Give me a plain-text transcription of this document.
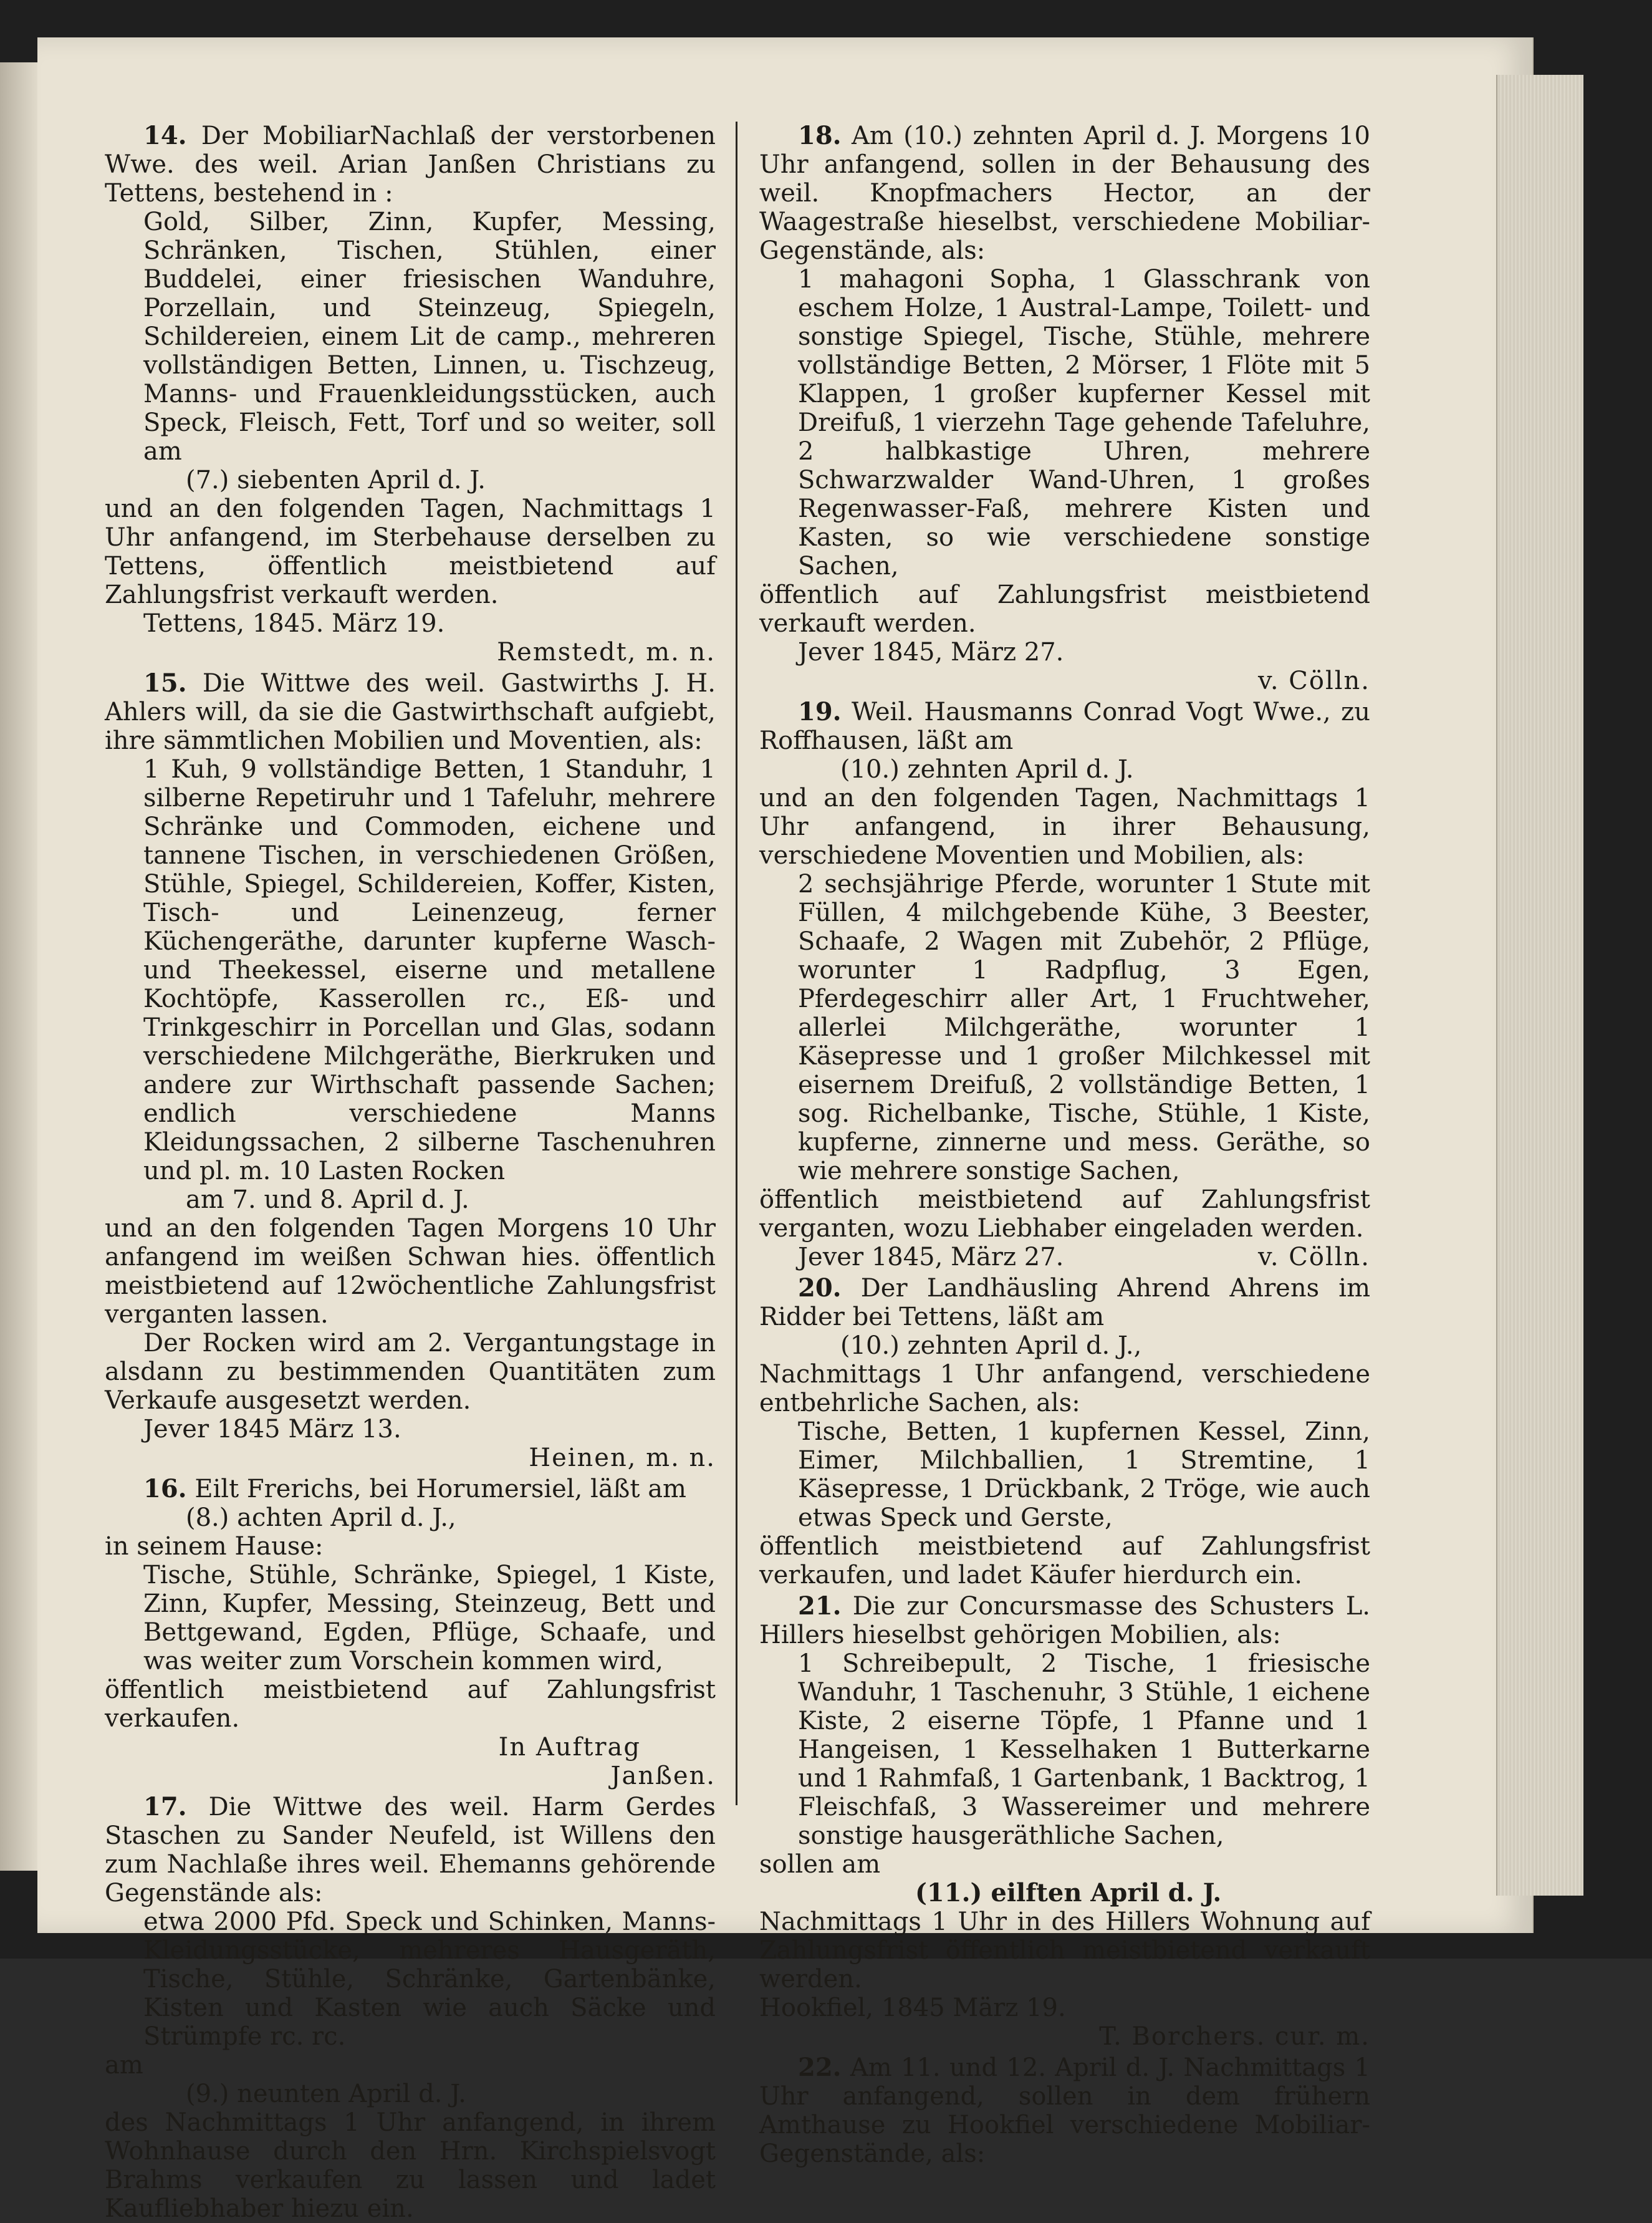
14. Der MobiliarNachlaß der verstorbenen Wwe. des weil. Arian Janßen Christians zu Tettens, bestehend in :

Gold, Silber, Zinn, Kupfer, Messing, Schränken, Tischen, Stühlen, einer Buddelei, einer friesischen Wanduhre, Porzellain, und Steinzeug, Spiegeln, Schildereien, einem Lit de camp., mehreren vollständigen Betten, Linnen, u. Tischzeug, Manns- und Frauenkleidungsstücken, auch Speck, Fleisch, Fett, Torf und so weiter, soll am

(7.) siebenten April d. J.

und an den folgenden Tagen, Nachmittags 1 Uhr anfangend, im Sterbehause derselben zu Tettens, öffentlich meistbietend auf Zahlungsfrist verkauft werden.

Tettens, 1845. März 19.

Remstedt, m. n.

15. Die Wittwe des weil. Gastwirths J. H. Ahlers will, da sie die Gastwirthschaft aufgiebt, ihre sämmtlichen Mobilien und Moventien, als:

1 Kuh, 9 vollständige Betten, 1 Standuhr, 1 silberne Repetiruhr und 1 Tafeluhr, mehrere Schränke und Commoden, eichene und tannene Tischen, in verschiedenen Größen, Stühle, Spiegel, Schildereien, Koffer, Kisten, Tisch- und Leinenzeug, ferner Küchengeräthe, darunter kupferne Wasch- und Theekessel, eiserne und metallene Kochtöpfe, Kasserollen rc., Eß- und Trinkgeschirr in Porcellan und Glas, sodann verschiedene Milchgeräthe, Bierkruken und andere zur Wirthschaft passende Sachen; endlich verschiedene Manns Kleidungssachen, 2 silberne Taschenuhren und pl. m. 10 Lasten Rocken

am 7. und 8. April d. J.

und an den folgenden Tagen Morgens 10 Uhr anfangend im weißen Schwan hies. öffentlich meistbietend auf 12wöchentliche Zahlungsfrist verganten lassen.

Der Rocken wird am 2. Vergantungstage in alsdann zu bestimmenden Quantitäten zum Verkaufe ausgesetzt werden.

Jever 1845 März 13.

Heinen, m. n.

16. Eilt Frerichs, bei Horumersiel, läßt am

(8.) achten April d. J.,

in seinem Hause:

Tische, Stühle, Schränke, Spiegel, 1 Kiste, Zinn, Kupfer, Messing, Steinzeug, Bett und Bettgewand, Egden, Pflüge, Schaafe, und was weiter zum Vorschein kommen wird,

öffentlich meistbietend auf Zahlungsfrist verkaufen.

In Auftrag

Janßen.

17. Die Wittwe des weil. Harm Gerdes Staschen zu Sander Neufeld, ist Willens den zum Nachlaße ihres weil. Ehemanns gehörende Gegenstände als:

etwa 2000 Pfd. Speck und Schinken, Manns-Kleidungsstücke, mehreres Hausgeräth, Tische, Stühle, Schränke, Gartenbänke, Kisten und Kasten wie auch Säcke und Strümpfe rc. rc.

am

(9.) neunten April d. J.

des Nachmittags 1 Uhr anfangend, in ihrem Wohnhause durch den Hrn. Kirchspielsvogt Brahms verkaufen zu lassen und ladet Kaufliebhaber hiezu ein.

18. Am (10.) zehnten April d. J. Morgens 10 Uhr anfangend, sollen in der Behausung des weil. Knopfmachers Hector, an der Waagestraße hieselbst, verschiedene Mobiliar-Gegenstände, als:

1 mahagoni Sopha, 1 Glasschrank von eschem Holze, 1 Austral-Lampe, Toilett- und sonstige Spiegel, Tische, Stühle, mehrere vollständige Betten, 2 Mörser, 1 Flöte mit 5 Klappen, 1 großer kupferner Kessel mit Dreifuß, 1 vierzehn Tage gehende Tafeluhre, 2 halbkastige Uhren, mehrere Schwarzwalder Wand-Uhren, 1 großes Regenwasser-Faß, mehrere Kisten und Kasten, so wie verschiedene sonstige Sachen,

öffentlich auf Zahlungsfrist meistbietend verkauft werden.

Jever 1845, März 27.

v. Cölln.

19. Weil. Hausmanns Conrad Vogt Wwe., zu Roffhausen, läßt am

(10.) zehnten April d. J.

und an den folgenden Tagen, Nachmittags 1 Uhr anfangend, in ihrer Behausung, verschiedene Moventien und Mobilien, als:

2 sechsjährige Pferde, worunter 1 Stute mit Füllen, 4 milchgebende Kühe, 3 Beester, Schaafe, 2 Wagen mit Zubehör, 2 Pflüge, worunter 1 Radpflug, 3 Egen, Pferdegeschirr aller Art, 1 Fruchtweher, allerlei Milchgeräthe, worunter 1 Käsepresse und 1 großer Milchkessel mit eisernem Dreifuß, 2 vollständige Betten, 1 sog. Richelbanke, Tische, Stühle, 1 Kiste, kupferne, zinnerne und mess. Geräthe, so wie mehrere sonstige Sachen,

öffentlich meistbietend auf Zahlungsfrist verganten, wozu Liebhaber eingeladen werden.

Jever 1845, März 27.	v. Cölln.

20. Der Landhäusling Ahrend Ahrens im Ridder bei Tettens, läßt am

(10.) zehnten April d. J.,

Nachmittags 1 Uhr anfangend, verschiedene entbehrliche Sachen, als:

Tische, Betten, 1 kupfernen Kessel, Zinn, Eimer, Milchballien, 1 Stremtine, 1 Käsepresse, 1 Drückbank, 2 Tröge, wie auch etwas Speck und Gerste,

öffentlich meistbietend auf Zahlungsfrist verkaufen, und ladet Käufer hierdurch ein.

21. Die zur Concursmasse des Schusters L. Hillers hieselbst gehörigen Mobilien, als:

1 Schreibepult, 2 Tische, 1 friesische Wanduhr, 1 Taschenuhr, 3 Stühle, 1 eichene Kiste, 2 eiserne Töpfe, 1 Pfanne und 1 Hangeisen, 1 Kesselhaken 1 Butterkarne und 1 Rahmfaß, 1 Gartenbank, 1 Backtrog, 1 Fleischfaß, 3 Wassereimer und mehrere sonstige hausgeräthliche Sachen,

sollen am

(11.) eilften April d. J.

Nachmittags 1 Uhr in des Hillers Wohnung auf Zahlungsfrist öffentlich meistbietend verkauft werden.

Hookfiel, 1845 März 19.

T. Borchers. cur. m.

22. Am 11. und 12. April d. J. Nachmittags 1 Uhr anfangend, sollen in dem frühern Amthause zu Hookfiel verschiedene Mobiliar-Gegenstände, als:
